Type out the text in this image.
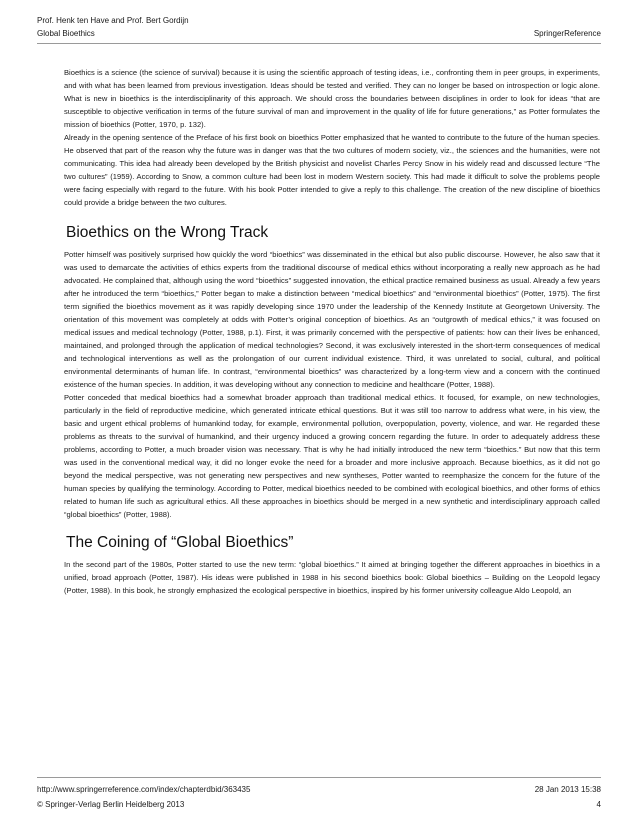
Prof. Henk ten Have and Prof. Bert Gordijn
Global Bioethics	SpringerReference

Bioethics is a science (the science of survival) because it is using the scientific approach of testing ideas, i.e., confronting them in peer groups, in experiments, and with what has been learned from previous investigation. Ideas should be tested and verified. They can no longer be based on introspection or logic alone. What is new in bioethics is the interdisciplinarity of this approach. We should cross the boundaries between disciplines in order to look for ideas “that are susceptible to objective verification in terms of the future survival of man and improvement in the quality of life for future generations,” as Potter formulates the mission of bioethics (Potter, 1970, p. 132).

Already in the opening sentence of the Preface of his first book on bioethics Potter emphasized that he wanted to contribute to the future of the human species. He observed that part of the reason why the future was in danger was that the two cultures of modern society, viz., the sciences and the humanities, were not communicating. This idea had already been developed by the British physicist and novelist Charles Percy Snow in his widely read and discussed lecture “The two cultures” (1959). According to Snow, a common culture had been lost in modern Western society. This had made it difficult to solve the problems people were facing especially with regard to the future. With his book Potter intended to give a reply to this challenge. The creation of the new discipline of bioethics could provide a bridge between the two cultures.

Bioethics on the Wrong Track

Potter himself was positively surprised how quickly the word “bioethics” was disseminated in the ethical but also public discourse. However, he also saw that it was used to demarcate the activities of ethics experts from the traditional discourse of medical ethics without incorporating a really new approach as he had advocated. He complained that, although using the word “bioethics” suggested innovation, the ethical practice remained business as usual. Already a few years after he introduced the term “bioethics,” Potter began to make a distinction between “medical bioethics” and “environmental bioethics” (Potter, 1975). The first term signified the bioethics movement as it was rapidly developing since 1970 under the leadership of the Kennedy Institute at Georgetown University. The orientation of this movement was completely at odds with Potter’s original conception of bioethics. As an “outgrowth of medical ethics,” it was focused on medical issues and medical technology (Potter, 1988, p.1). First, it was primarily concerned with the perspective of patients: how can their lives be enhanced, maintained, and prolonged through the application of medical technologies? Second, it was exclusively interested in the short-term consequences of medical and technological interventions as well as the prolongation of our current individual existence. Third, it was unrelated to social, cultural, and political environmental determinants of human life. In contrast, “environmental bioethics” was characterized by a long-term view and a concern with the continued existence of the human species. In addition, it was developing without any connection to medicine and healthcare (Potter, 1988).

Potter conceded that medical bioethics had a somewhat broader approach than traditional medical ethics. It focused, for example, on new technologies, particularly in the field of reproductive medicine, which generated intricate ethical questions. But it was still too narrow to address what were, in his view, the basic and urgent ethical problems of humankind today, for example, environmental pollution, overpopulation, poverty, violence, and war. He regarded these problems as threats to the survival of humankind, and their urgency induced a growing concern regarding the future. In order to adequately address these problems, according to Potter, a much broader vision was necessary. That is why he had initially introduced the new term “bioethics.” But now that this term was used in the conventional medical way, it did no longer evoke the need for a broader and more inclusive approach. Because bioethics, as it did not go beyond the medical perspective, was not generating new perspectives and new syntheses, Potter wanted to reemphasize the concern for the future of the human species by qualifying the terminology. According to Potter, medical bioethics needed to be combined with ecological bioethics, and other forms of ethics related to human life such as agricultural ethics. All these approaches in bioethics should be merged in a new synthetic and interdisciplinary approach called “global bioethics” (Potter, 1988).

The Coining of “Global Bioethics”

In the second part of the 1980s, Potter started to use the new term: “global bioethics.” It aimed at bringing together the different approaches in bioethics in a unified, broad approach (Potter, 1987). His ideas were published in 1988 in his second bioethics book: Global bioethics – Building on the Leopold legacy (Potter, 1988). In this book, he strongly emphasized the ecological perspective in bioethics, inspired by his former university colleague Aldo Leopold, an

http://www.springerreference.com/index/chapterdbid/363435	28 Jan 2013 15:38
© Springer-Verlag Berlin Heidelberg 2013	4
